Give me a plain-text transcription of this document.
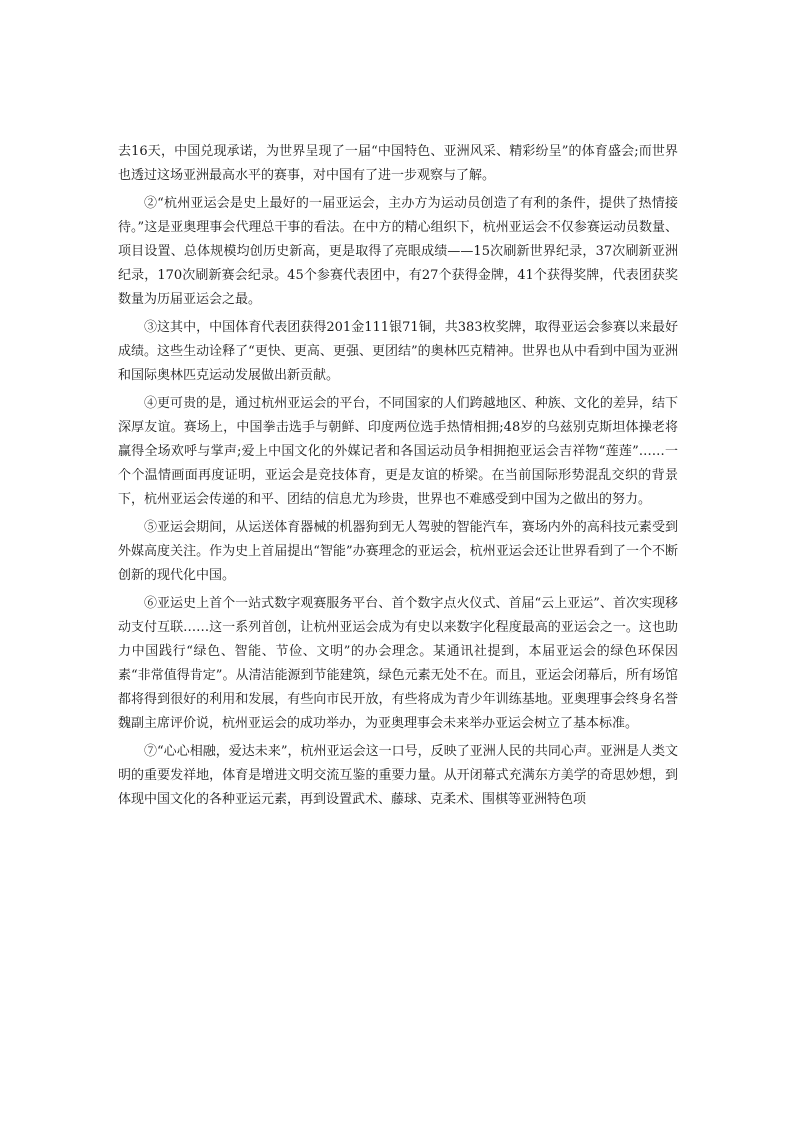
去16天，中国兑现承诺，为世界呈现了一届“中国特色、亚洲风采、精彩纷呈”的体育盛会;而世界也透过这场亚洲最高水平的赛事，对中国有了进一步观察与了解。

②“杭州亚运会是史上最好的一届亚运会，主办方为运动员创造了有利的条件，提供了热情接待。”这是亚奥理事会代理总干事的看法。在中方的精心组织下，杭州亚运会不仅参赛运动员数量、项目设置、总体规模均创历史新高，更是取得了亮眼成绩——15次刷新世界纪录，37次刷新亚洲纪录，170次刷新赛会纪录。45个参赛代表团中，有27个获得金牌，41个获得奖牌，代表团获奖数量为历届亚运会之最。

③这其中，中国体育代表团获得201金111银71铜，共383枚奖牌，取得亚运会参赛以来最好成绩。这些生动诠释了“更快、更高、更强、更团结”的奥林匹克精神。世界也从中看到中国为亚洲和国际奥林匹克运动发展做出新贡献。

④更可贵的是，通过杭州亚运会的平台，不同国家的人们跨越地区、种族、文化的差异，结下深厚友谊。赛场上，中国拳击选手与朝鲜、印度两位选手热情相拥;48岁的乌兹别克斯坦体操老将赢得全场欢呼与掌声;爱上中国文化的外媒记者和各国运动员争相拥抱亚运会吉祥物“莲莲”……一个个温情画面再度证明，亚运会是竞技体育，更是友谊的桥梁。在当前国际形势混乱交织的背景下，杭州亚运会传递的和平、团结的信息尤为珍贵，世界也不难感受到中国为之做出的努力。

⑤亚运会期间，从运送体育器械的机器狗到无人驾驶的智能汽车，赛场内外的高科技元素受到外媒高度关注。作为史上首届提出“智能”办赛理念的亚运会，杭州亚运会还让世界看到了一个不断创新的现代化中国。

⑥亚运史上首个一站式数字观赛服务平台、首个数字点火仪式、首届“云上亚运”、首次实现移动支付互联……这一系列首创，让杭州亚运会成为有史以来数字化程度最高的亚运会之一。这也助力中国践行“绿色、智能、节俭、文明”的办会理念。某通讯社提到，本届亚运会的绿色环保因素“非常值得肯定”。从清洁能源到节能建筑，绿色元素无处不在。而且，亚运会闭幕后，所有场馆都将得到很好的利用和发展，有些向市民开放，有些将成为青少年训练基地。亚奥理事会终身名誉魏副主席评价说，杭州亚运会的成功举办，为亚奥理事会未来举办亚运会树立了基本标准。

⑦“心心相融，爱达未来”，杭州亚运会这一口号，反映了亚洲人民的共同心声。亚洲是人类文明的重要发祥地，体育是增进文明交流互鉴的重要力量。从开闭幕式充满东方美学的奇思妙想，到体现中国文化的各种亚运元素，再到设置武术、藤球、克柔术、围棋等亚洲特色项
